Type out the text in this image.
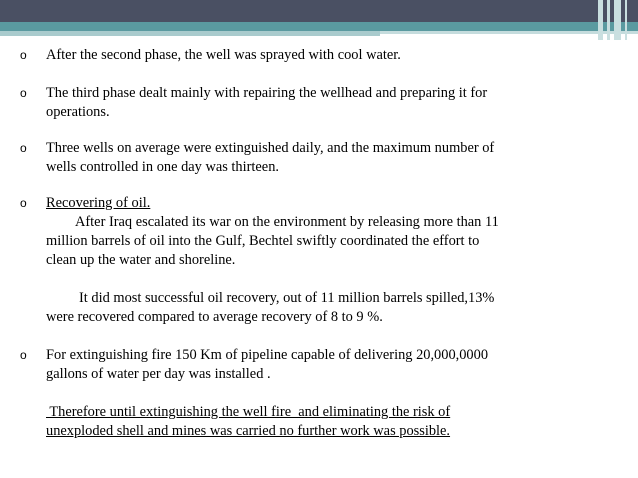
o After the second phase, the well was sprayed with cool water.
o The third phase dealt mainly with repairing the wellhead and preparing it for
operations.
o Three wells on average were extinguished daily, and the maximum number of
wells controlled in one day was thirteen.
o Recovering of oil.
After Iraq escalated its war on the environment by releasing more than 11
million barrels of oil into the Gulf, Bechtel swiftly coordinated the effort to
clean up the water and shoreline.
It did most successful oil recovery, out of 11 million barrels spilled,13%
were recovered compared to average recovery of 8 to 9 %.
o For extinguishing fire 150 Km of pipeline capable of delivering 20,000,0000
gallons of water per day was installed .
Therefore until extinguishing the well fire  and eliminating the risk of
unexploded shell and mines was carried no further work was possible.
